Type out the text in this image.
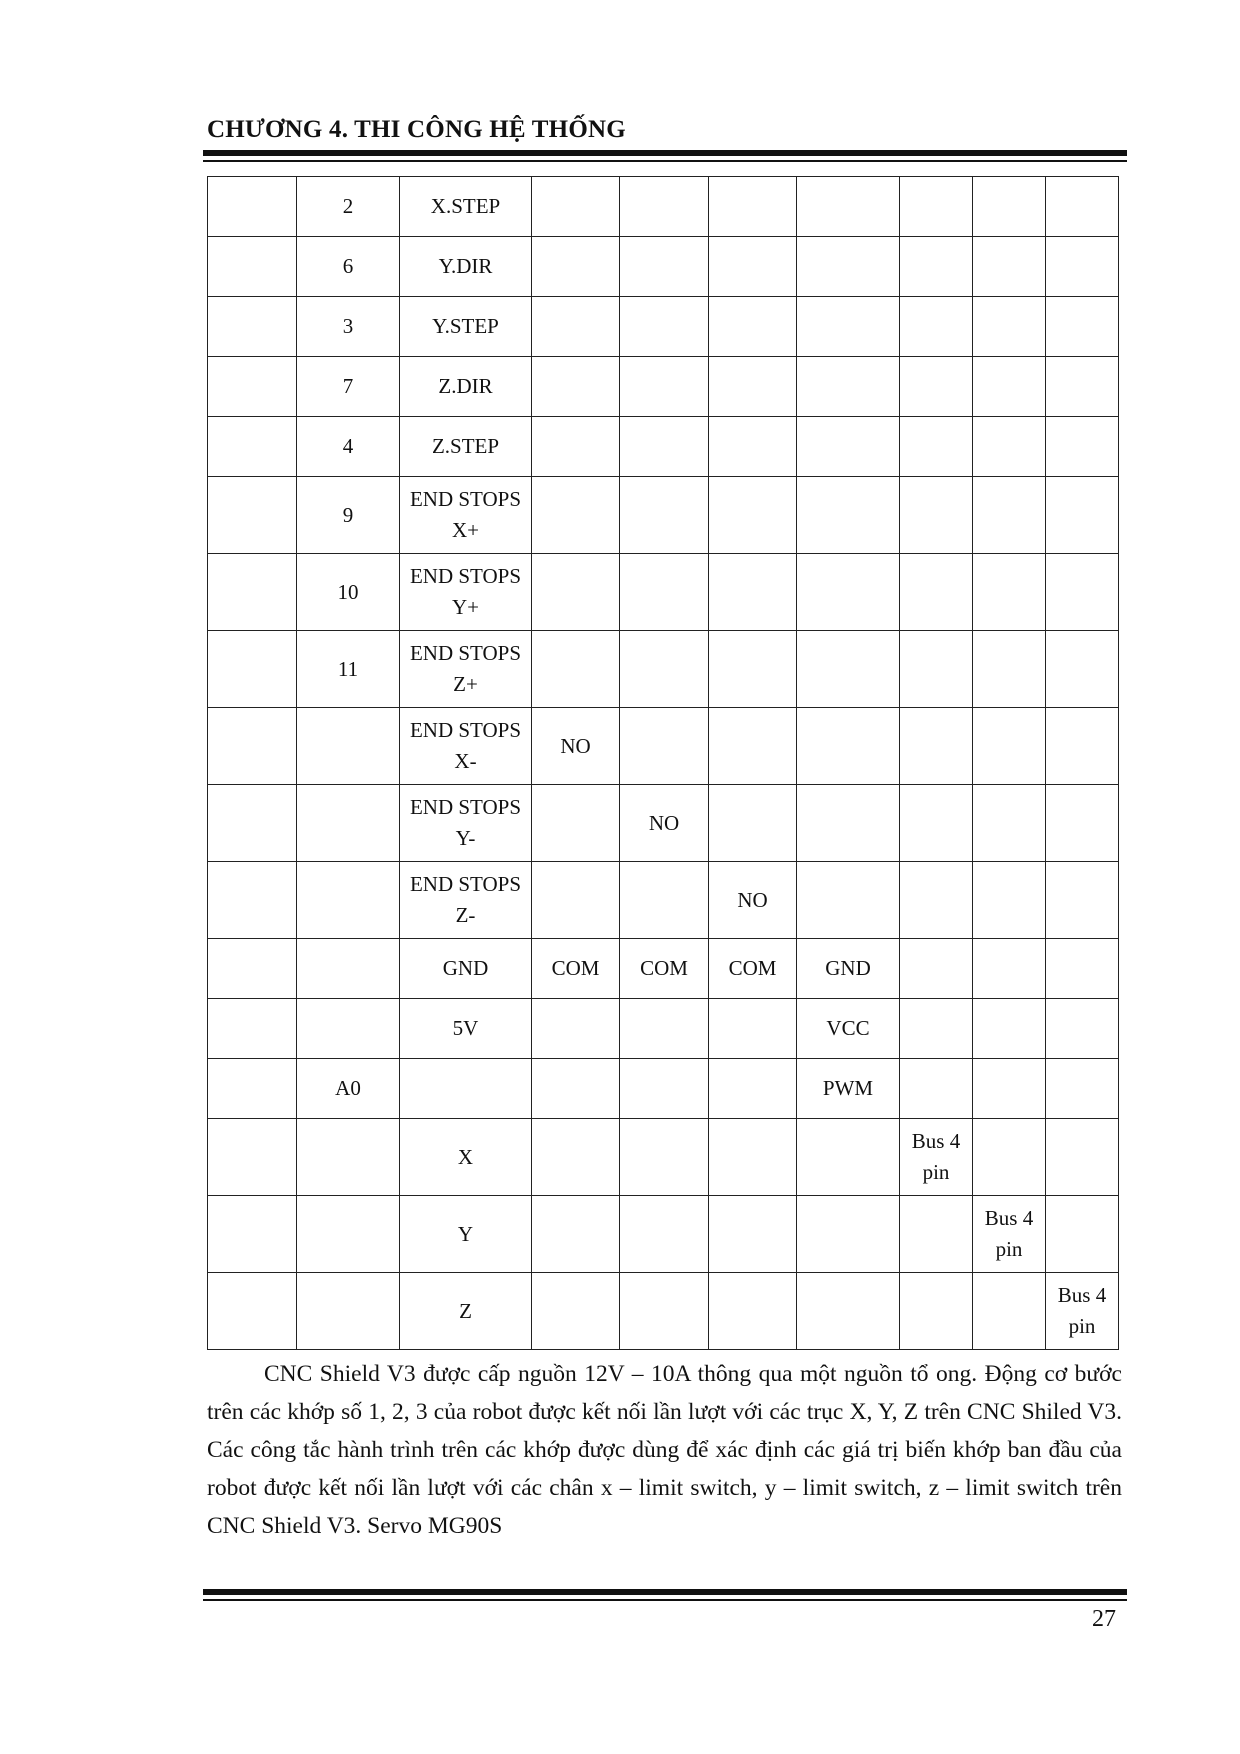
CHƯƠNG 4. THI CÔNG HỆ THỐNG
	2	X.STEP							
	6	Y.DIR							
	3	Y.STEP							
	7	Z.DIR							
	4	Z.STEP							
	9	END STOPS X+							
	10	END STOPS Y+							
	11	END STOPS Z+							
		END STOPS X-	NO						
		END STOPS Y-		NO					
		END STOPS Z-			NO				
		GND	COM	COM	COM	GND			
		5V				VCC			
	A0					PWM			
		X					Bus 4 pin		
		Y						Bus 4 pin	
		Z							Bus 4 pin

CNC Shield V3 được cấp nguồn 12V – 10A thông qua một nguồn tổ ong. Động cơ bước trên các khớp số 1, 2, 3 của robot được kết nối lần lượt với các trục X, Y, Z trên CNC Shiled V3. Các công tắc hành trình trên các khớp được dùng để xác định các giá trị biến khớp ban đầu của robot được kết nối lần lượt với các chân x – limit switch, y – limit switch, z – limit switch trên CNC Shield V3. Servo MG90S

27
